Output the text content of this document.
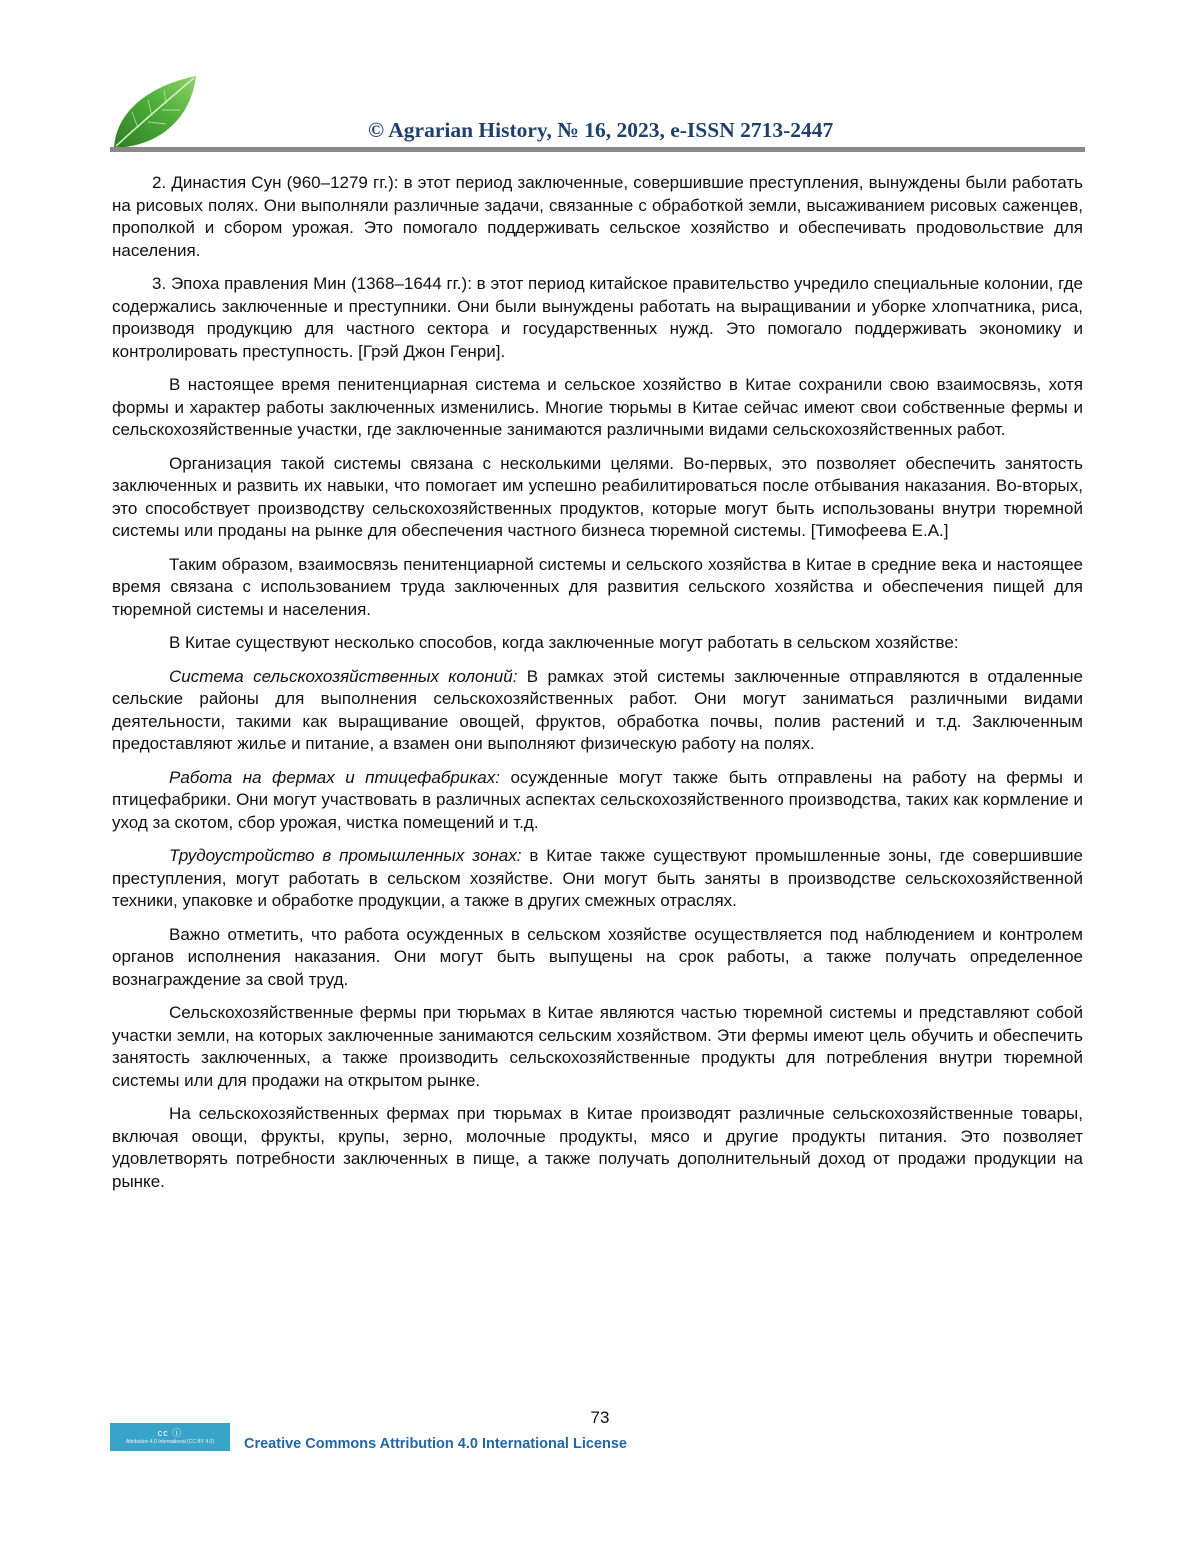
© Agrarian History, № 16, 2023, e-ISSN 2713-2447

2. Династия Сун (960–1279 гг.): в этот период заключенные, совершившие преступления, вынуждены были работать на рисовых полях. Они выполняли различные задачи, связанные с обработкой земли, высаживанием рисовых саженцев, прополкой и сбором урожая. Это помогало поддерживать сельское хозяйство и обеспечивать продовольствие для населения.

3. Эпоха правления Мин (1368–1644 гг.): в этот период китайское правительство учредило специальные колонии, где содержались заключенные и преступники. Они были вынуждены работать на выращивании и уборке хлопчатника, риса, производя продукцию для частного сектора и государственных нужд. Это помогало поддерживать экономику и контролировать преступность. [Грэй Джон Генри].

В настоящее время пенитенциарная система и сельское хозяйство в Китае сохранили свою взаимосвязь, хотя формы и характер работы заключенных изменились. Многие тюрьмы в Китае сейчас имеют свои собственные фермы и сельскохозяйственные участки, где заключенные занимаются различными видами сельскохозяйственных работ.

Организация такой системы связана с несколькими целями. Во-первых, это позволяет обеспечить занятость заключенных и развить их навыки, что помогает им успешно реабилитироваться после отбывания наказания. Во-вторых, это способствует производству сельскохозяйственных продуктов, которые могут быть использованы внутри тюремной системы или проданы на рынке для обеспечения частного бизнеса тюремной системы. [Тимофеева Е.А.]

Таким образом, взаимосвязь пенитенциарной системы и сельского хозяйства в Китае в средние века и настоящее время связана с использованием труда заключенных для развития сельского хозяйства и обеспечения пищей для тюремной системы и населения.

В Китае существуют несколько способов, когда заключенные могут работать в сельском хозяйстве:

Система сельскохозяйственных колоний: В рамках этой системы заключенные отправляются в отдаленные сельские районы для выполнения сельскохозяйственных работ. Они могут заниматься различными видами деятельности, такими как выращивание овощей, фруктов, обработка почвы, полив растений и т.д. Заключенным предоставляют жилье и питание, а взамен они выполняют физическую работу на полях.

Работа на фермах и птицефабриках: осужденные могут также быть отправлены на работу на фермы и птицефабрики. Они могут участвовать в различных аспектах сельскохозяйственного производства, таких как кормление и уход за скотом, сбор урожая, чистка помещений и т.д.

Трудоустройство в промышленных зонах: в Китае также существуют промышленные зоны, где совершившие преступления, могут работать в сельском хозяйстве. Они могут быть заняты в производстве сельскохозяйственной техники, упаковке и обработке продукции, а также в других смежных отраслях.

Важно отметить, что работа осужденных в сельском хозяйстве осуществляется под наблюдением и контролем органов исполнения наказания. Они могут быть выпущены на срок работы, а также получать определенное вознаграждение за свой труд.

Сельскохозяйственные фермы при тюрьмах в Китае являются частью тюремной системы и представляют собой участки земли, на которых заключенные занимаются сельским хозяйством. Эти фермы имеют цель обучить и обеспечить занятость заключенных, а также производить сельскохозяйственные продукты для потребления внутри тюремной системы или для продажи на открытом рынке.

На сельскохозяйственных фермах при тюрьмах в Китае производят различные сельскохозяйственные товары, включая овощи, фрукты, крупы, зерно, молочные продукты, мясо и другие продукты питания. Это позволяет удовлетворять потребности заключенных в пище, а также получать дополнительный доход от продажи продукции на рынке.

73
cc ⓘ
Attribution 4.0 International (CC BY 4.0)	Creative Commons Attribution 4.0 International License
